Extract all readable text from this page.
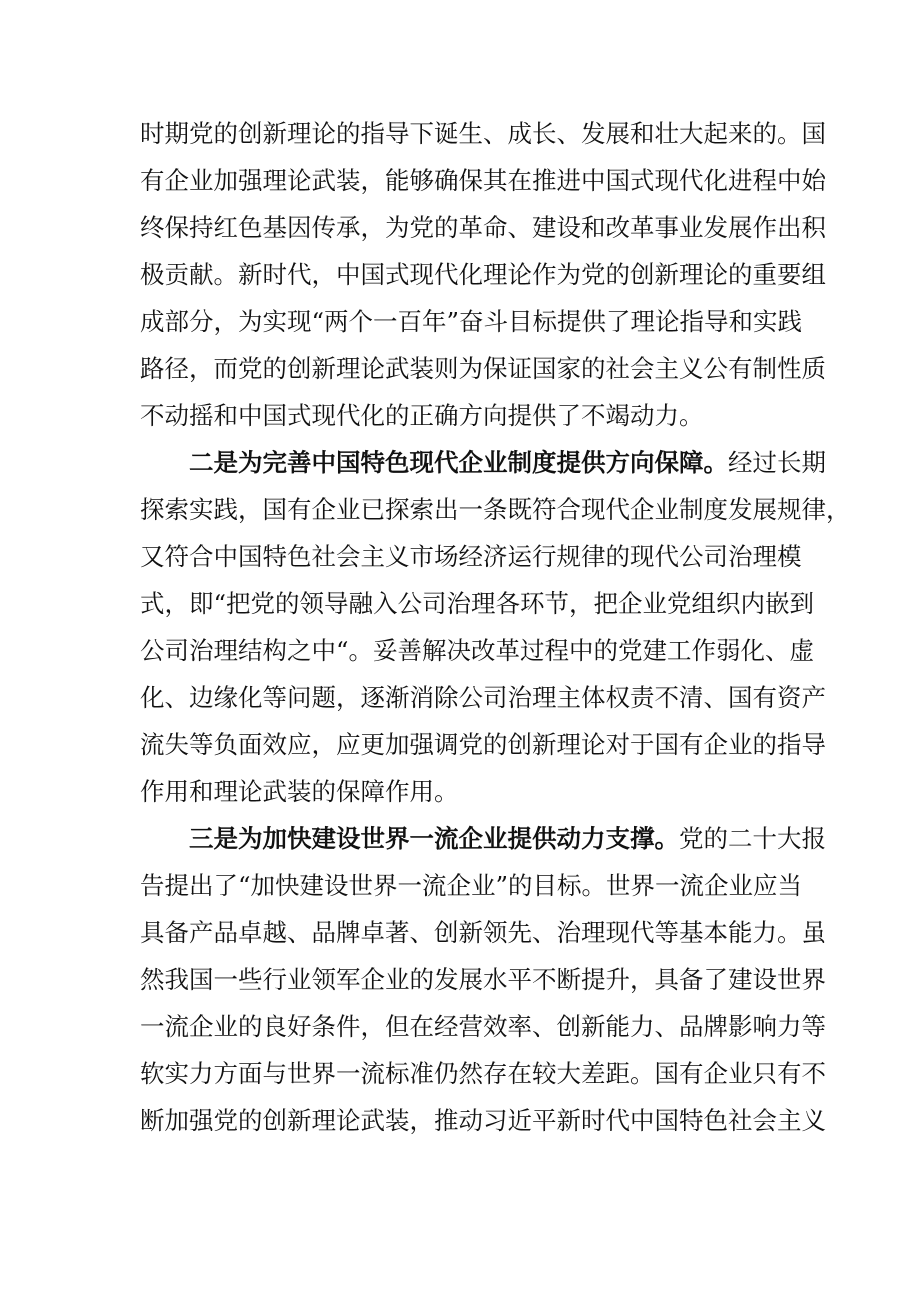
时期党的创新理论的指导下诞生、成长、发展和壮大起来的。国
有企业加强理论武装，能够确保其在推进中国式现代化进程中始
终保持红色基因传承，为党的革命、建设和改革事业发展作出积
极贡献。新时代，中国式现代化理论作为党的创新理论的重要组
成部分，为实现“两个一百年”奋斗目标提供了理论指导和实践
路径，而党的创新理论武装则为保证国家的社会主义公有制性质
不动摇和中国式现代化的正确方向提供了不竭动力。
二是为完善中国特色现代企业制度提供方向保障。经过长期
探索实践，国有企业已探索出一条既符合现代企业制度发展规律，
又符合中国特色社会主义市场经济运行规律的现代公司治理模
式，即“把党的领导融入公司治理各环节，把企业党组织内嵌到
公司治理结构之中“。妥善解决改革过程中的党建工作弱化、虚
化、边缘化等问题，逐渐消除公司治理主体权责不清、国有资产
流失等负面效应，应更加强调党的创新理论对于国有企业的指导
作用和理论武装的保障作用。
三是为加快建设世界一流企业提供动力支撑。党的二十大报
告提出了“加快建设世界一流企业”的目标。世界一流企业应当
具备产品卓越、品牌卓著、创新领先、治理现代等基本能力。虽
然我国一些行业领军企业的发展水平不断提升，具备了建设世界
一流企业的良好条件，但在经营效率、创新能力、品牌影响力等
软实力方面与世界一流标准仍然存在较大差距。国有企业只有不
断加强党的创新理论武装，推动习近平新时代中国特色社会主义
